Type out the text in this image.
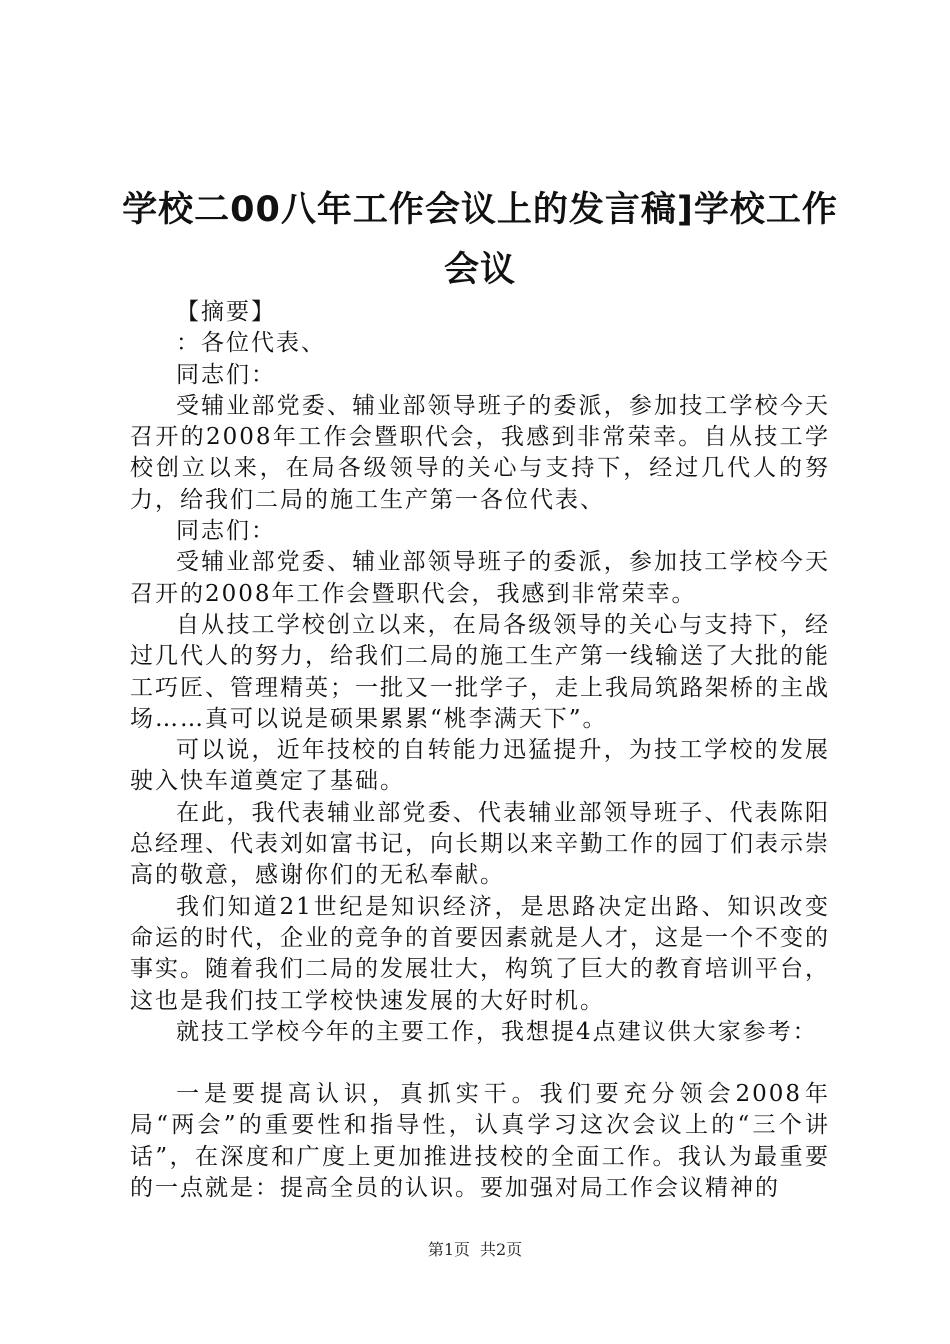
学校二00八年工作会议上的发言稿]学校工作会议

【摘要】

：各位代表、

同志们：

受辅业部党委、辅业部领导班子的委派，参加技工学校今天召开的2008年工作会暨职代会，我感到非常荣幸。自从技工学校创立以来，在局各级领导的关心与支持下，经过几代人的努力，给我们二局的施工生产第一各位代表、

同志们：

受辅业部党委、辅业部领导班子的委派，参加技工学校今天召开的2008年工作会暨职代会，我感到非常荣幸。

自从技工学校创立以来，在局各级领导的关心与支持下，经过几代人的努力，给我们二局的施工生产第一线输送了大批的能工巧匠、管理精英；一批又一批学子，走上我局筑路架桥的主战场……真可以说是硕果累累“桃李满天下”。

可以说，近年技校的自转能力迅猛提升，为技工学校的发展驶入快车道奠定了基础。

在此，我代表辅业部党委、代表辅业部领导班子、代表陈阳总经理、代表刘如富书记，向长期以来辛勤工作的园丁们表示崇高的敬意，感谢你们的无私奉献。

我们知道21世纪是知识经济，是思路决定出路、知识改变命运的时代，企业的竞争的首要因素就是人才，这是一个不变的事实。随着我们二局的发展壮大，构筑了巨大的教育培训平台，这也是我们技工学校快速发展的大好时机。

就技工学校今年的主要工作，我想提4点建议供大家参考：

一是要提高认识，真抓实干。我们要充分领会2008年局“两会”的重要性和指导性，认真学习这次会议上的“三个讲话”，在深度和广度上更加推进技校的全面工作。我认为最重要的一点就是：提高全员的认识。要加强对局工作会议精神的

第1页 共2页
